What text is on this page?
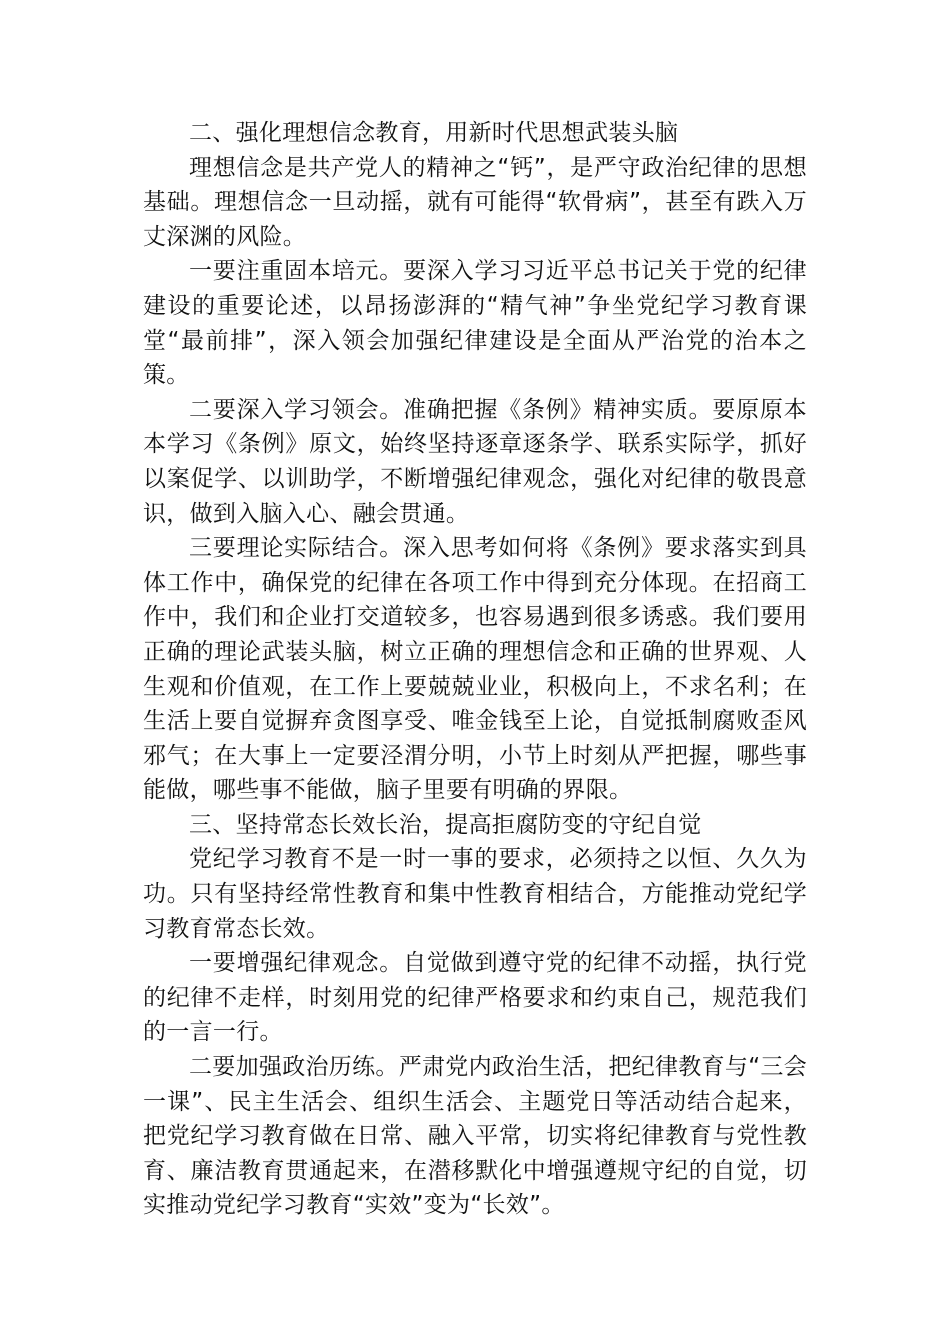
二、强化理想信念教育，用新时代思想武装头脑

理想信念是共产党人的精神之“钙”，是严守政治纪律的思想基础。理想信念一旦动摇，就有可能得“软骨病”，甚至有跌入万丈深渊的风险。

一要注重固本培元。要深入学习习近平总书记关于党的纪律建设的重要论述，以昂扬澎湃的“精气神”争坐党纪学习教育课堂“最前排”，深入领会加强纪律建设是全面从严治党的治本之策。

二要深入学习领会。准确把握《条例》精神实质。要原原本本学习《条例》原文，始终坚持逐章逐条学、联系实际学，抓好以案促学、以训助学，不断增强纪律观念，强化对纪律的敬畏意识，做到入脑入心、融会贯通。

三要理论实际结合。深入思考如何将《条例》要求落实到具体工作中，确保党的纪律在各项工作中得到充分体现。在招商工作中，我们和企业打交道较多，也容易遇到很多诱惑。我们要用正确的理论武装头脑，树立正确的理想信念和正确的世界观、人生观和价值观，在工作上要兢兢业业，积极向上，不求名利；在生活上要自觉摒弃贪图享受、唯金钱至上论，自觉抵制腐败歪风邪气；在大事上一定要泾渭分明，小节上时刻从严把握，哪些事能做，哪些事不能做，脑子里要有明确的界限。

三、坚持常态长效长治，提高拒腐防变的守纪自觉

党纪学习教育不是一时一事的要求，必须持之以恒、久久为功。只有坚持经常性教育和集中性教育相结合，方能推动党纪学习教育常态长效。

一要增强纪律观念。自觉做到遵守党的纪律不动摇，执行党的纪律不走样，时刻用党的纪律严格要求和约束自己，规范我们的一言一行。

二要加强政治历练。严肃党内政治生活，把纪律教育与“三会一课”、民主生活会、组织生活会、主题党日等活动结合起来，把党纪学习教育做在日常、融入平常，切实将纪律教育与党性教育、廉洁教育贯通起来，在潜移默化中增强遵规守纪的自觉，切实推动党纪学习教育“实效”变为“长效”。
